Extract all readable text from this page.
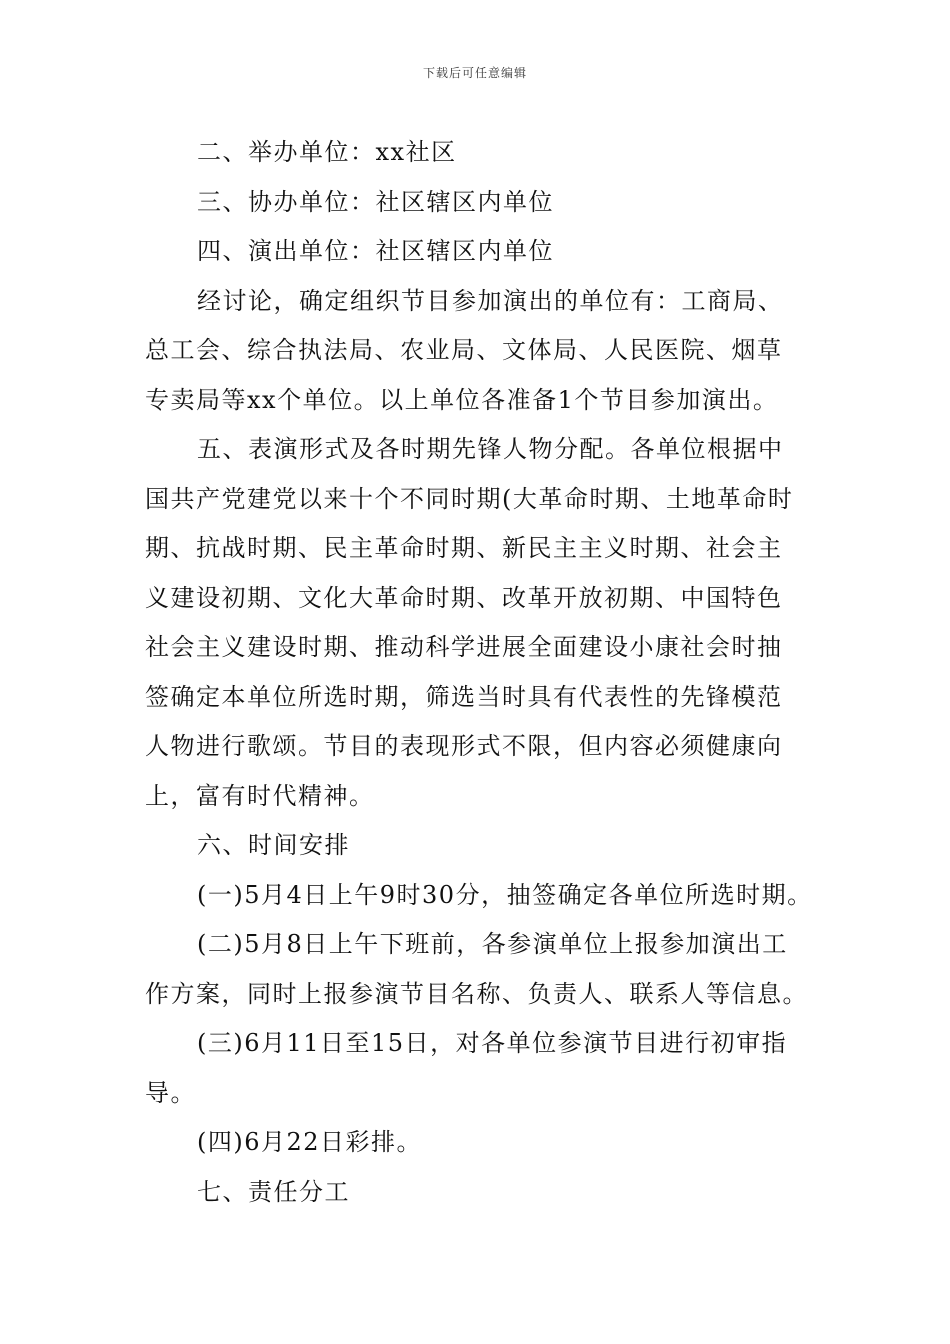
下载后可任意编辑

二、举办单位：xx社区

三、协办单位：社区辖区内单位

四、演出单位：社区辖区内单位

经讨论，确定组织节目参加演出的单位有：工商局、
总工会、综合执法局、农业局、文体局、人民医院、烟草
专卖局等xx个单位。以上单位各准备1个节目参加演出。

五、表演形式及各时期先锋人物分配。各单位根据中
国共产党建党以来十个不同时期(大革命时期、土地革命时
期、抗战时期、民主革命时期、新民主主义时期、社会主
义建设初期、文化大革命时期、改革开放初期、中国特色
社会主义建设时期、推动科学进展全面建设小康社会时抽
签确定本单位所选时期，筛选当时具有代表性的先锋模范
人物进行歌颂。节目的表现形式不限，但内容必须健康向
上，富有时代精神。

六、时间安排

(一)5月4日上午9时30分，抽签确定各单位所选时期。

(二)5月8日上午下班前，各参演单位上报参加演出工
作方案，同时上报参演节目名称、负责人、联系人等信息。

(三)6月11日至15日，对各单位参演节目进行初审指
导。

(四)6月22日彩排。

七、责任分工
